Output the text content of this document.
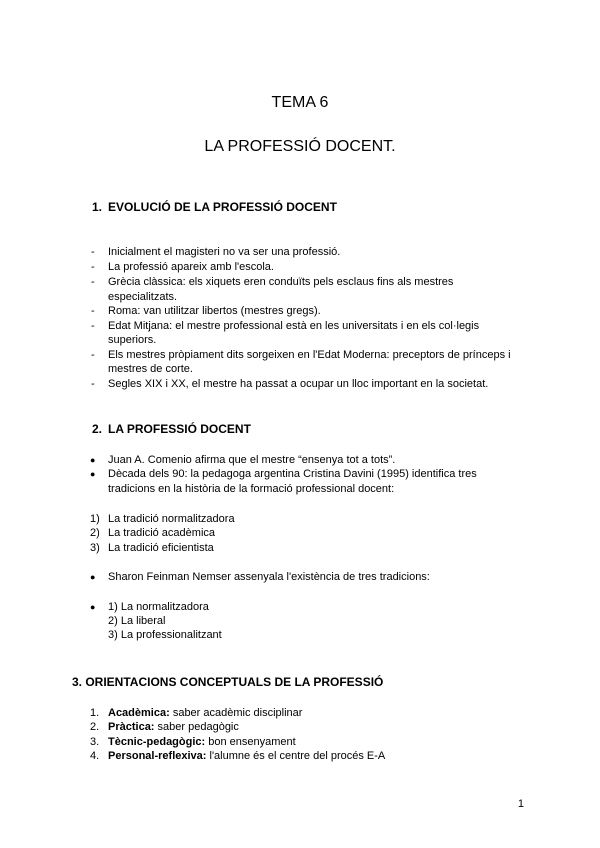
TEMA 6
LA PROFESSIÓ DOCENT.
1. EVOLUCIÓ DE LA PROFESSIÓ DOCENT
- Inicialment el magisteri no va ser una professió.
- La professió apareix amb l'escola.
- Grècia clàssica: els xiquets eren conduïts pels esclaus fins als mestres
especialitzats.
- Roma: van utilitzar libertos (mestres gregs).
- Edat Mitjana: el mestre professional està en les universitats i en els col·legis
superiors.
- Els mestres pròpiament dits sorgeixen en l'Edat Moderna: preceptors de prínceps i
mestres de corte.
- Segles XIX i XX, el mestre ha passat a ocupar un lloc important en la societat.
2. LA PROFESSIÓ DOCENT
● Juan A. Comenio afirma que el mestre “ensenya tot a tots”.
● Dècada dels 90: la pedagoga argentina Cristina Davini (1995) identifica tres
tradicions en la història de la formació professional docent:
1) La tradició normalitzadora
2) La tradició acadèmica
3) La tradició eficientista
● Sharon Feinman Nemser assenyala l'existència de tres tradicions:
● 1) La normalitzadora
2) La liberal
3) La professionalitzant
3. ORIENTACIONS CONCEPTUALS DE LA PROFESSIÓ
1. Acadèmica: saber acadèmic disciplinar
2. Pràctica: saber pedagògic
3. Tècnic-pedagògic: bon ensenyament
4. Personal-reflexiva: l'alumne és el centre del procés E-A
1
